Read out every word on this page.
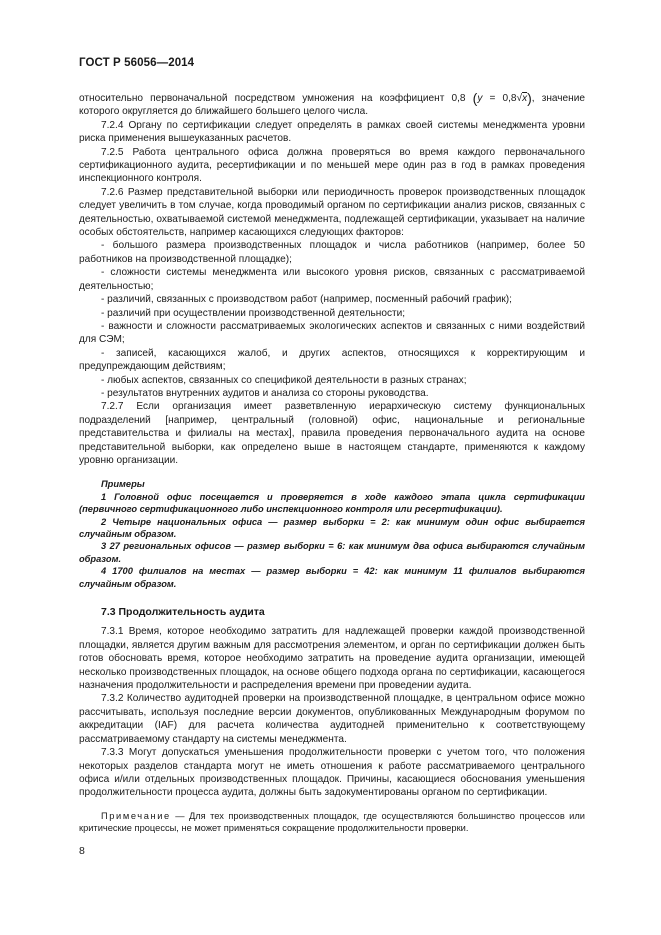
ГОСТ Р 56056—2014

относительно первоначальной посредством умножения на коэффициент 0,8 (y = 0,8√x), значение которого округляется до ближайшего большего целого числа.

7.2.4 Органу по сертификации следует определять в рамках своей системы менеджмента уровни риска применения вышеуказанных расчетов.

7.2.5 Работа центрального офиса должна проверяться во время каждого первоначального сертификационного аудита, ресертификации и по меньшей мере один раз в год в рамках проведения инспекционного контроля.

7.2.6 Размер представительной выборки или периодичность проверок производственных площадок следует увеличить в том случае, когда проводимый органом по сертификации анализ рисков, связанных с деятельностью, охватываемой системой менеджмента, подлежащей сертификации, указывает на наличие особых обстоятельств, например касающихся следующих факторов:

- большого размера производственных площадок и числа работников (например, более 50 работников на производственной площадке);

- сложности системы менеджмента или высокого уровня рисков, связанных с рассматриваемой деятельностью;

- различий, связанных с производством работ (например, посменный рабочий график);

- различий при осуществлении производственной деятельности;

- важности и сложности рассматриваемых экологических аспектов и связанных с ними воздействий для СЭМ;

- записей, касающихся жалоб, и других аспектов, относящихся к корректирующим и предупреждающим действиям;

- любых аспектов, связанных со спецификой деятельности в разных странах;

- результатов внутренних аудитов и анализа со стороны руководства.

7.2.7 Если организация имеет разветвленную иерархическую систему функциональных подразделений [например, центральный (головной) офис, национальные и региональные представительства и филиалы на местах], правила проведения первоначального аудита на основе представительной выборки, как определено выше в настоящем стандарте, применяются к каждому уровню организации.

Примеры

1 Головной офис посещается и проверяется в ходе каждого этапа цикла сертификации (первичного сертификационного либо инспекционного контроля или ресертификации).

2 Четыре национальных офиса — размер выборки = 2: как минимум один офис выбирается случайным образом.

3 27 региональных офисов — размер выборки = 6: как минимум два офиса выбираются случайным образом.

4 1700 филиалов на местах — размер выборки = 42: как минимум 11 филиалов выбираются случайным образом.

7.3 Продолжительность аудита

7.3.1 Время, которое необходимо затратить для надлежащей проверки каждой производственной площадки, является другим важным для рассмотрения элементом, и орган по сертификации должен быть готов обосновать время, которое необходимо затратить на проведение аудита организации, имеющей несколько производственных площадок, на основе общего подхода органа по сертификации, касающегося назначения продолжительности и распределения времени при проведении аудита.

7.3.2 Количество аудитодней проверки на производственной площадке, в центральном офисе можно рассчитывать, используя последние версии документов, опубликованных Международным форумом по аккредитации (IAF) для расчета количества аудитодней применительно к соответствующему рассматриваемому стандарту на системы менеджмента.

7.3.3 Могут допускаться уменьшения продолжительности проверки с учетом того, что положения некоторых разделов стандарта могут не иметь отношения к работе рассматриваемого центрального офиса и/или отдельных производственных площадок. Причины, касающиеся обоснования уменьшения продолжительности процесса аудита, должны быть задокументированы органом по сертификации.

Примечание — Для тех производственных площадок, где осуществляются большинство процессов или критические процессы, не может применяться сокращение продолжительности проверки.

8
